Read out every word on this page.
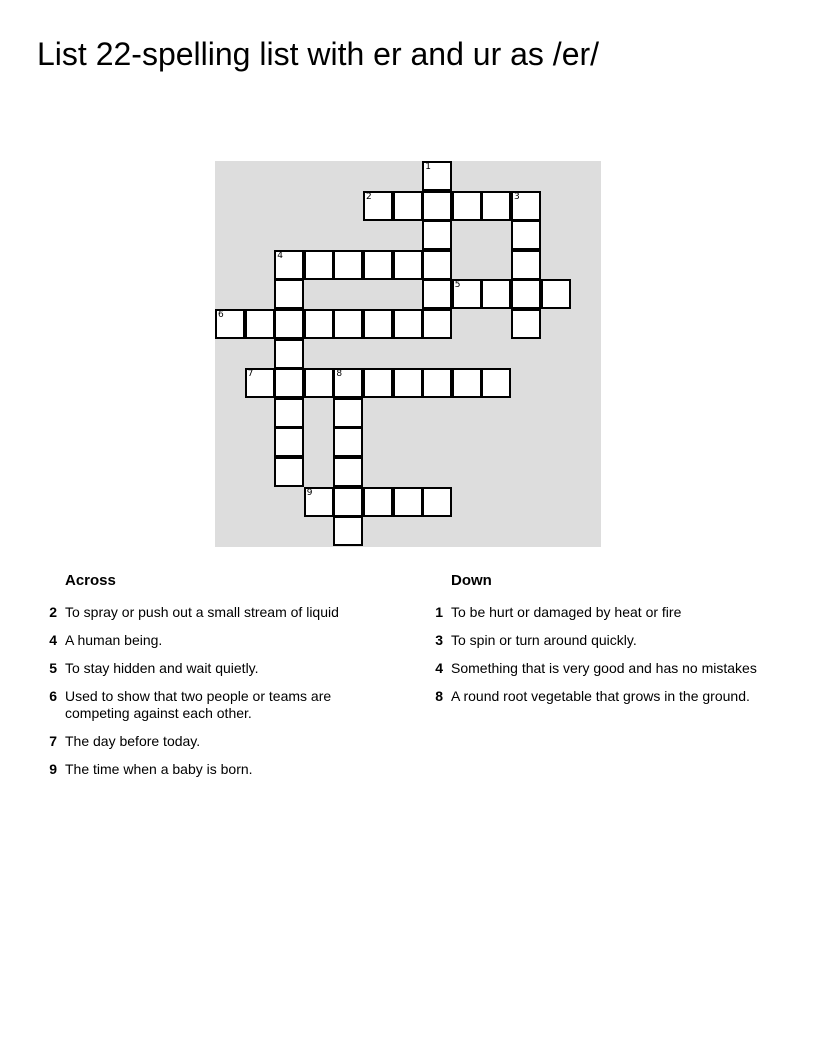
List 22-spelling list with er and ur as /er/
1
2	3
4
5
6
7	8
9
Across
2 To spray or push out a small stream of liquid
4 A human being.
5 To stay hidden and wait quietly.
6 Used to show that two people or teams are competing against each other.
7 The day before today.
9 The time when a baby is born.
Down
1 To be hurt or damaged by heat or fire
3 To spin or turn around quickly.
4 Something that is very good and has no mistakes
8 A round root vegetable that grows in the ground.
